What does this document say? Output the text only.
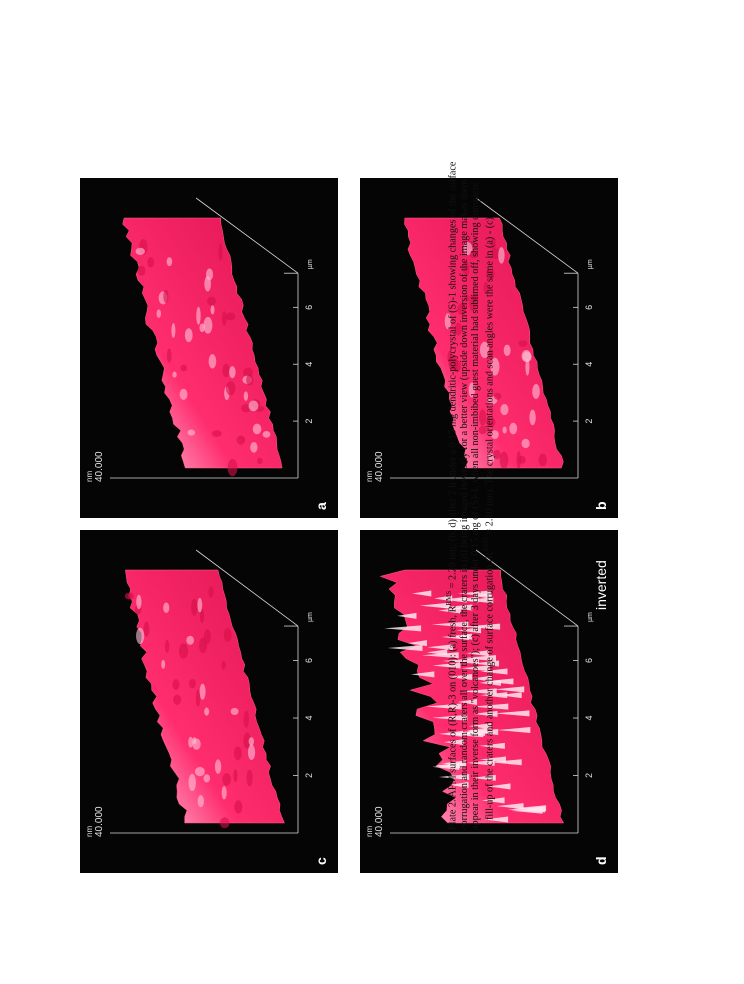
2
4
6
µm
40.000
nm
a
2
4
6
µm
40.000
nm
b
2
4
6
µm
40.000
nm
c
2
4
6
µm
40.000
nm
d
inverted

Plate 2. AFM surfaces of (R,R)-3 on (010): (a) fresh, $R^{RMS} = 2.20$ nm; (b, d) after 2 h under a 0.15 mg dendritic-polycrystal of (S)-1 showing changes of the surface corrugation and random craters all over the surface, the craters in (d) being imaged inversely for a better view (upside down inversion of the image makes them appear in their inverse form as "volcanoes"); (c) after 3 days under 0.15 mg of (S)-1, when all non-imbibed guest material had sublimed off, showing complete fill-up of the craters and another change of surface corrugation ($R^{RMS} = 2.10$ nm). The crystal orientations and scan angles were the same in (a) - (c)
